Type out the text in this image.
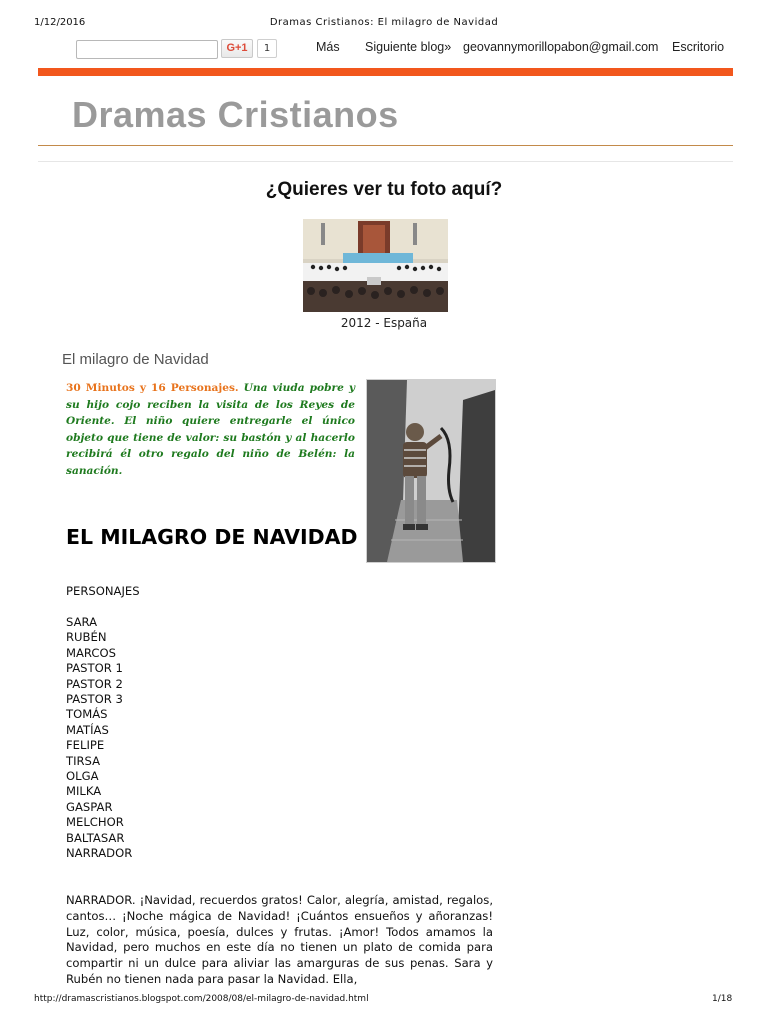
1/12/2016	Dramas Cristianos: El milagro de Navidad
G+1	1	Más Siguiente blog» geovannymorillopabon@gmail.com Escritorio
Dramas Cristianos
¿Quieres ver tu foto aquí?
2012 - España
El milagro de Navidad
30 Minutos y 16 Personajes. Una viuda pobre y su hijo cojo reciben la visita de los Reyes de Oriente. El niño quiere entregarle el único objeto que tiene de valor: su bastón y al hacerlo recibirá él otro regalo del niño de Belén: la sanación.
EL MILAGRO DE NAVIDAD
PERSONAJES
SARA
RUBÉN
MARCOS
PASTOR 1
PASTOR 2
PASTOR 3
TOMÁS
MATÍAS
FELIPE
TIRSA
OLGA
MILKA
GASPAR
MELCHOR
BALTASAR
NARRADOR
NARRADOR. ¡Navidad, recuerdos gratos! Calor, alegría, amistad, regalos, cantos… ¡Noche mágica de Navidad! ¡Cuántos ensueños y añoranzas! Luz, color, música, poesía, dulces y frutas. ¡Amor! Todos amamos la Navidad, pero muchos en este día no tienen un plato de comida para compartir ni un dulce para aliviar las amarguras de sus penas. Sara y Rubén no tienen nada para pasar la Navidad. Ella,
http://dramascristianos.blogspot.com/2008/08/el-milagro-de-navidad.html	1/18
